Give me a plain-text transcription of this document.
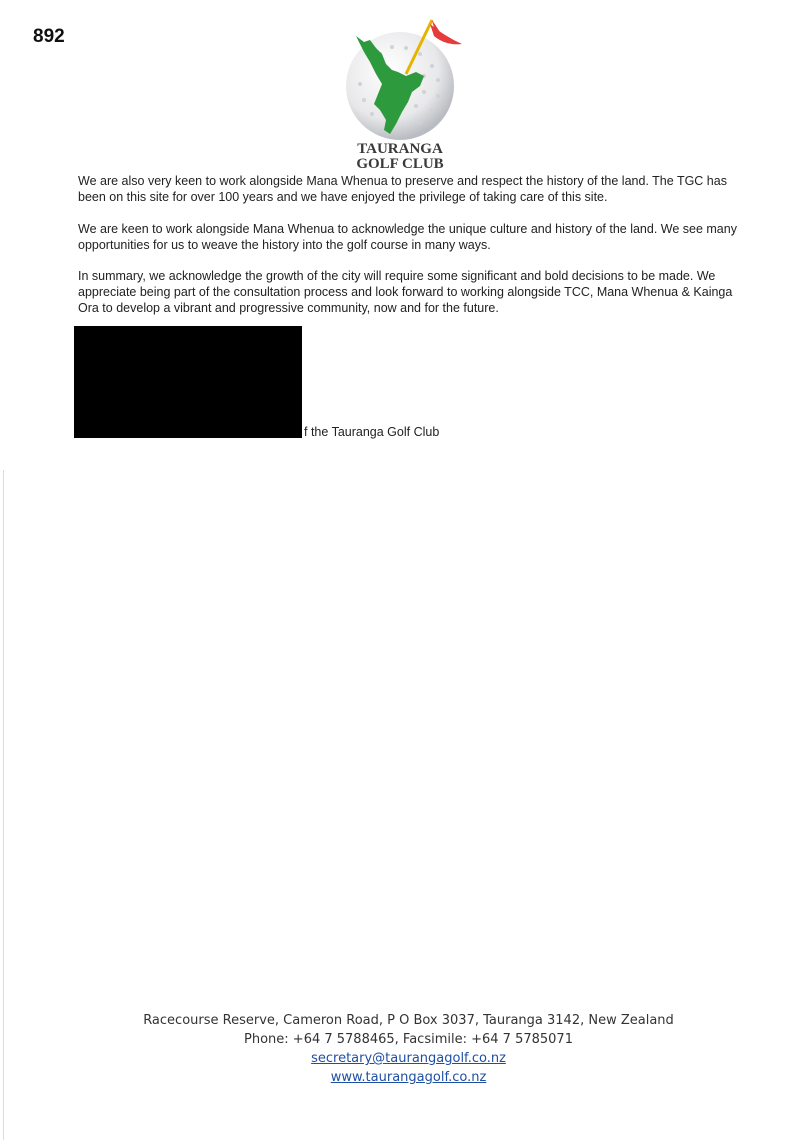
892
TAURANGA
GOLF CLUB

We are also very keen to work alongside Mana Whenua to preserve and respect the history of the land. The TGC has been on this site for over 100 years and we have enjoyed the privilege of taking care of this site.

We are keen to work alongside Mana Whenua to acknowledge the unique culture and history of the land. We see many opportunities for us to weave the history into the golf course in many ways.

In summary, we acknowledge the growth of the city will require some significant and bold decisions to be made. We appreciate being part of the consultation process and look forward to working alongside TCC, Mana Whenua & Kainga Ora to develop a vibrant and progressive community, now and for the future.

f the Tauranga Golf Club
Racecourse Reserve, Cameron Road, P O Box 3037, Tauranga 3142, New Zealand
Phone: +64 7 5788465, Facsimile: +64 7 5785071
secretary@taurangagolf.co.nz
www.taurangagolf.co.nz
